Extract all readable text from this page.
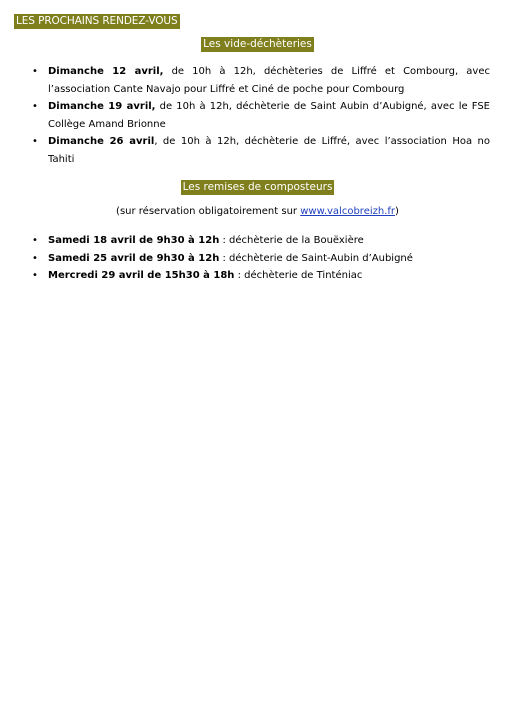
LES PROCHAINS RENDEZ-VOUS
Les vide-déchèteries
• Dimanche 12 avril, de 10h à 12h, déchèteries de Liffré et Combourg, avec l’association Cante Navajo pour Liffré et Ciné de poche pour Combourg
• Dimanche 19 avril, de 10h à 12h, déchèterie de Saint Aubin d’Aubigné, avec le FSE Collège Amand Brionne
• Dimanche 26 avril, de 10h à 12h, déchèterie de Liffré, avec l’association Hoa no Tahiti
Les remises de composteurs
(sur réservation obligatoirement sur www.valcobreizh.fr)
• Samedi 18 avril de 9h30 à 12h : déchèterie de la Bouëxière
• Samedi 25 avril de 9h30 à 12h : déchèterie de Saint-Aubin d’Aubigné
• Mercredi 29 avril de 15h30 à 18h : déchèterie de Tinténiac
